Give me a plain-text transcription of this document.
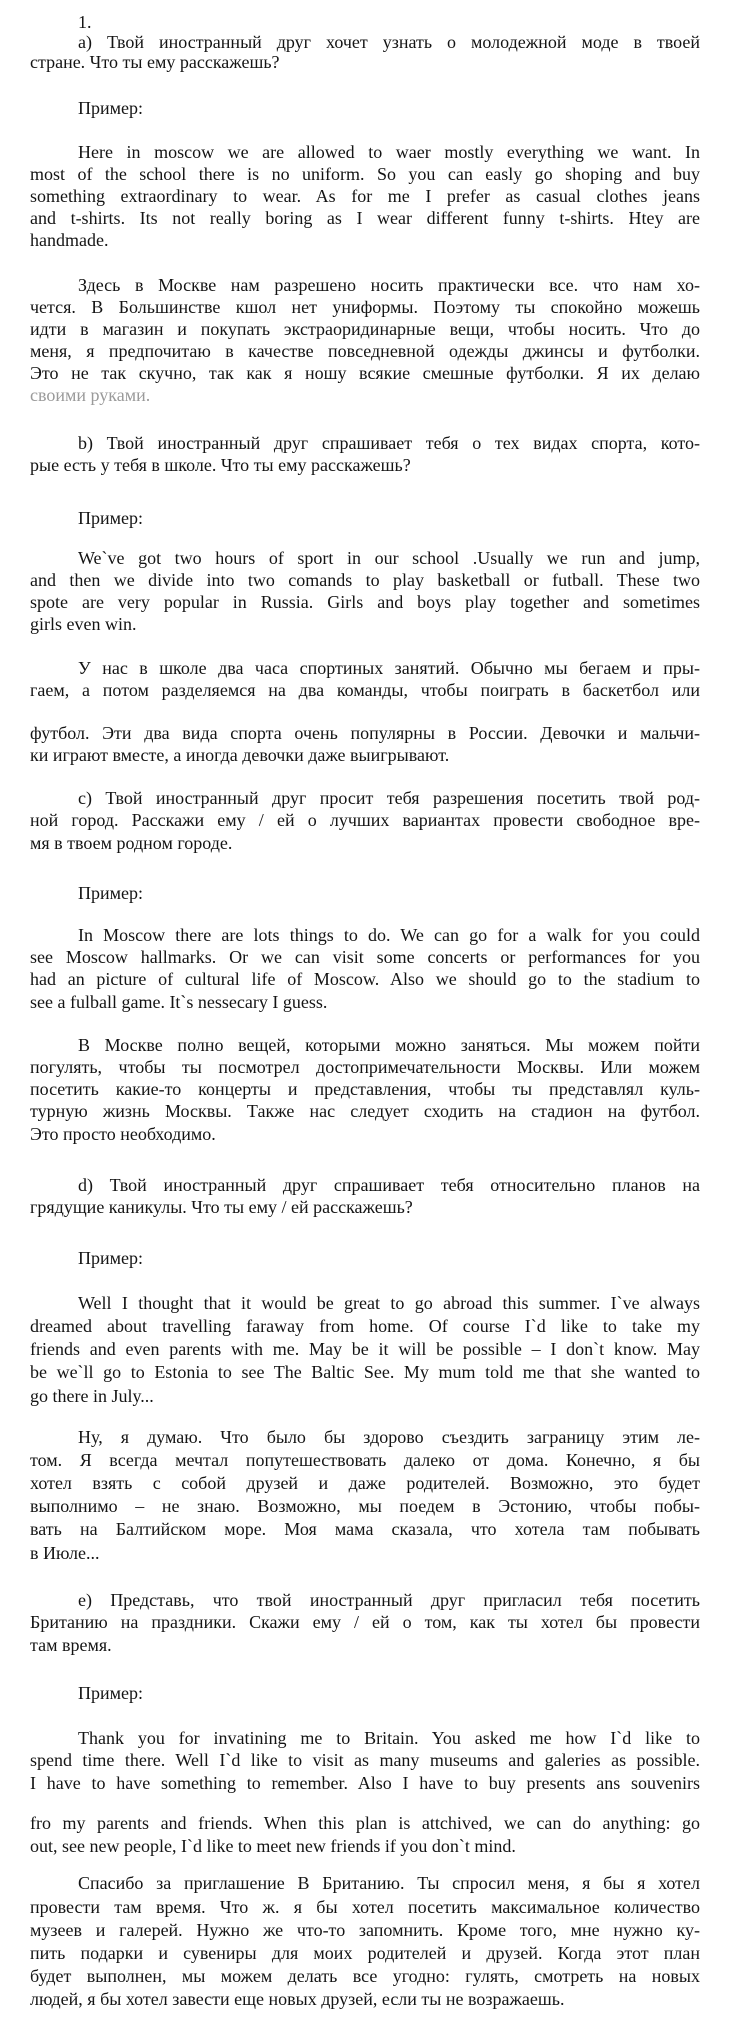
1.
a) Твой иностранный друг хочет узнать о молодежной моде в твоей
стране. Что ты ему расскажешь?
Пример:
Here in moscow we are allowed to waer mostly everything we want. In
most of the school there is no uniform. So you can easly go shoping and buy
something extraordinary to wear. As for me I prefer as casual clothes jeans
and t-shirts. Its not really boring as I wear different funny t-shirts. Htey are
handmade.
Здесь в Москве нам разрешено носить практически все. что нам хо-
чется. В Большинстве кшол нет униформы. Поэтому ты спокойно можешь
идти в магазин и покупать экстраоридинарные вещи, чтобы носить. Что до
меня, я предпочитаю в качестве повседневной одежды джинсы и футболки.
Это не так скучно, так как я ношу всякие смешные футболки. Я их делаю
своими руками.
b) Твой иностранный друг спрашивает тебя о тех видах спорта, кото-
рые есть у тебя в школе. Что ты ему расскажешь?
Пример:
We`ve got two hours of sport in our school .Usually we run and jump,
and then we divide into two comands to play basketball or futball. These two
spote are very popular in Russia. Girls and boys play together and sometimes
girls even win.
У нас в школе два часа спортиных занятий. Обычно мы бегаем и пры-
гаем, а потом разделяемся на два команды, чтобы поиграть в баскетбол или
футбол. Эти два вида спорта очень популярны в России. Девочки и мальчи-
ки играют вместе, а иногда девочки даже выигрывают.
c) Твой иностранный друг просит тебя разрешения посетить твой род-
ной город. Расскажи ему / ей о лучших вариантах провести свободное вре-
мя в твоем родном городе.
Пример:
In Moscow there are lots things to do. We can go for a walk for you could
see Moscow hallmarks. Or we can visit some concerts or performances for you
had an picture of cultural life of Moscow. Also we should go to the stadium to
see a fulball game. It`s nessecary I guess.
В Москве полно вещей, которыми можно заняться. Мы можем пойти
погулять, чтобы ты посмотрел достопримечательности Москвы. Или можем
посетить какие-то концерты и представления, чтобы ты представлял куль-
турную жизнь Москвы. Также нас следует сходить на стадион на футбол.
Это просто необходимо.
d) Твой иностранный друг спрашивает тебя относительно планов на
грядущие каникулы. Что ты ему / ей расскажешь?
Пример:
Well I thought that it would be great to go abroad this summer. I`ve always
dreamed about travelling faraway from home. Of course I`d like to take my
friends and even parents with me. May be it will be possible – I don`t know. May
be we`ll go to Estonia to see The Baltic See. My mum told me that she wanted to
go there in July...
Ну, я думаю. Что было бы здорово съездить заграницу этим ле-
том. Я всегда мечтал попутешествовать далеко от дома. Конечно, я бы
хотел взять с собой друзей и даже родителей. Возможно, это будет
выполнимо – не знаю. Возможно, мы поедем в Эстонию, чтобы побы-
вать на Балтийском море. Моя мама сказала, что хотела там побывать
в Июле...
e) Представь, что твой иностранный друг пригласил тебя посетить
Британию на праздники. Скажи ему / ей о том, как ты хотел бы провести
там время.
Пример:
Thank you for invatining me to Britain. You asked me how I`d like to
spend time there. Well I`d like to visit as many museums and galeries as possible.
I have to have something to remember. Also I have to buy presents ans souvenirs
fro my parents and friends. When this plan is attchived, we can do anything: go
out, see new people, I`d like to meet new friends if you don`t mind.
Спасибо за приглашение В Британию. Ты спросил меня, я бы я хотел
провести там время. Что ж. я бы хотел посетить максимальное количество
музеев и галерей. Нужно же что-то запомнить. Кроме того, мне нужно ку-
пить подарки и сувениры для моих родителей и друзей. Когда этот план
будет выполнен, мы можем делать все угодно: гулять, смотреть на новых
людей, я бы хотел завести еще новых друзей, если ты не возражаешь.
